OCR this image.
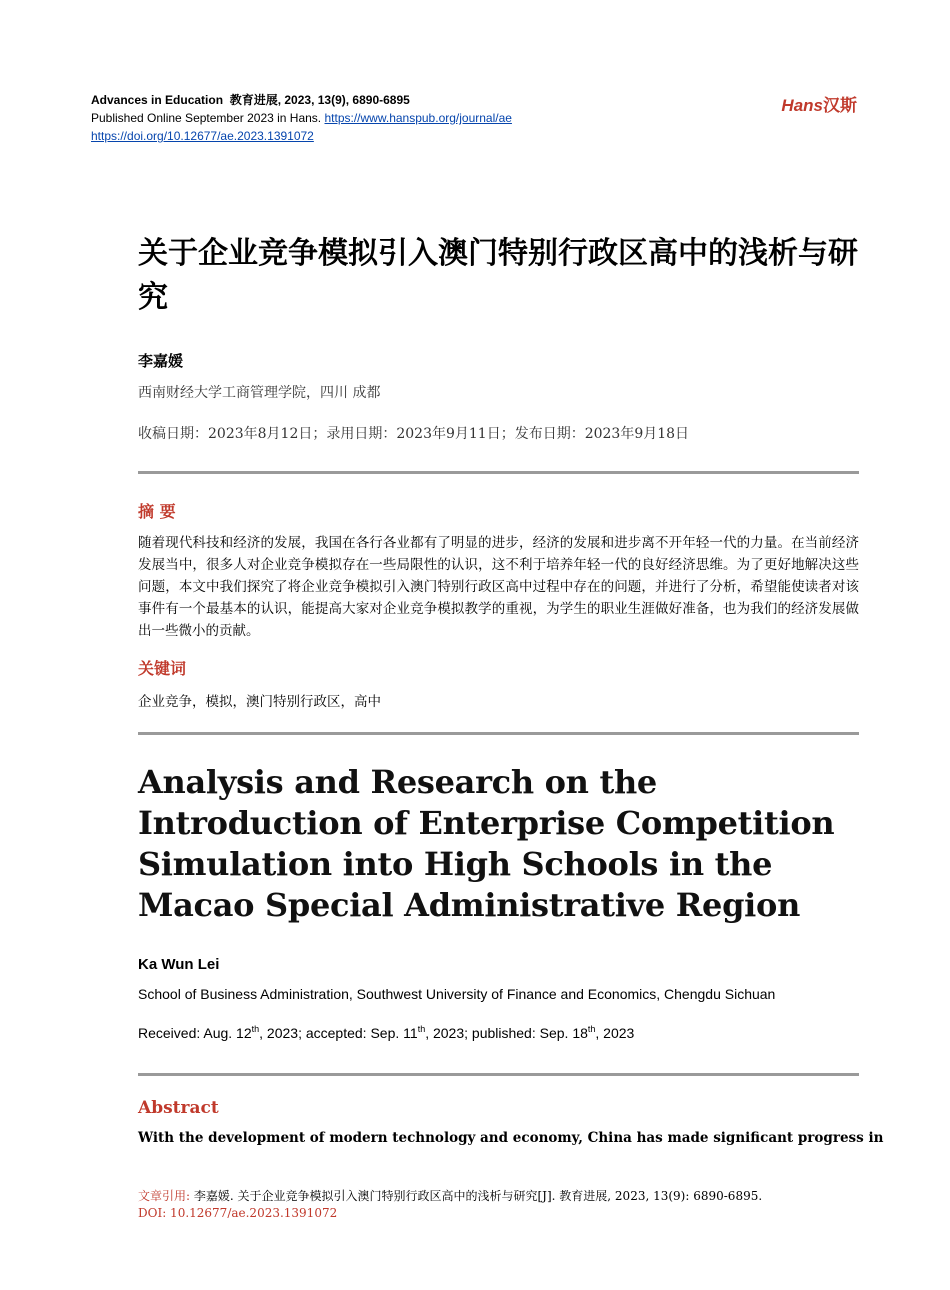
Advances in Education 教育进展, 2023, 13(9), 6890-6895
Published Online September 2023 in Hans. https://www.hanspub.org/journal/ae
https://doi.org/10.12677/ae.2023.1391072
Hans汉斯
关于企业竞争模拟引入澳门特别行政区高中的浅析与研究
李嘉媛
西南财经大学工商管理学院，四川 成都
收稿日期：2023年8月12日；录用日期：2023年9月11日；发布日期：2023年9月18日
摘 要
随着现代科技和经济的发展，我国在各行各业都有了明显的进步，经济的发展和进步离不开年轻一代的力量。在当前经济发展当中，很多人对企业竞争模拟存在一些局限性的认识，这不利于培养年轻一代的良好经济思维。为了更好地解决这些问题，本文中我们探究了将企业竞争模拟引入澳门特别行政区高中过程中存在的问题，并进行了分析，希望能使读者对该事件有一个最基本的认识，能提高大家对企业竞争模拟教学的重视，为学生的职业生涯做好准备，也为我们的经济发展做出一些微小的贡献。
关键词
企业竞争，模拟，澳门特别行政区，高中
Analysis and Research on the Introduction of Enterprise Competition Simulation into High Schools in the Macao Special Administrative Region
Ka Wun Lei
School of Business Administration, Southwest University of Finance and Economics, Chengdu Sichuan
Received: Aug. 12th, 2023; accepted: Sep. 11th, 2023; published: Sep. 18th, 2023
Abstract
With the development of modern technology and economy, China has made significant progress in
文章引用: 李嘉媛. 关于企业竞争模拟引入澳门特别行政区高中的浅析与研究[J]. 教育进展, 2023, 13(9): 6890-6895.
DOI: 10.12677/ae.2023.1391072
